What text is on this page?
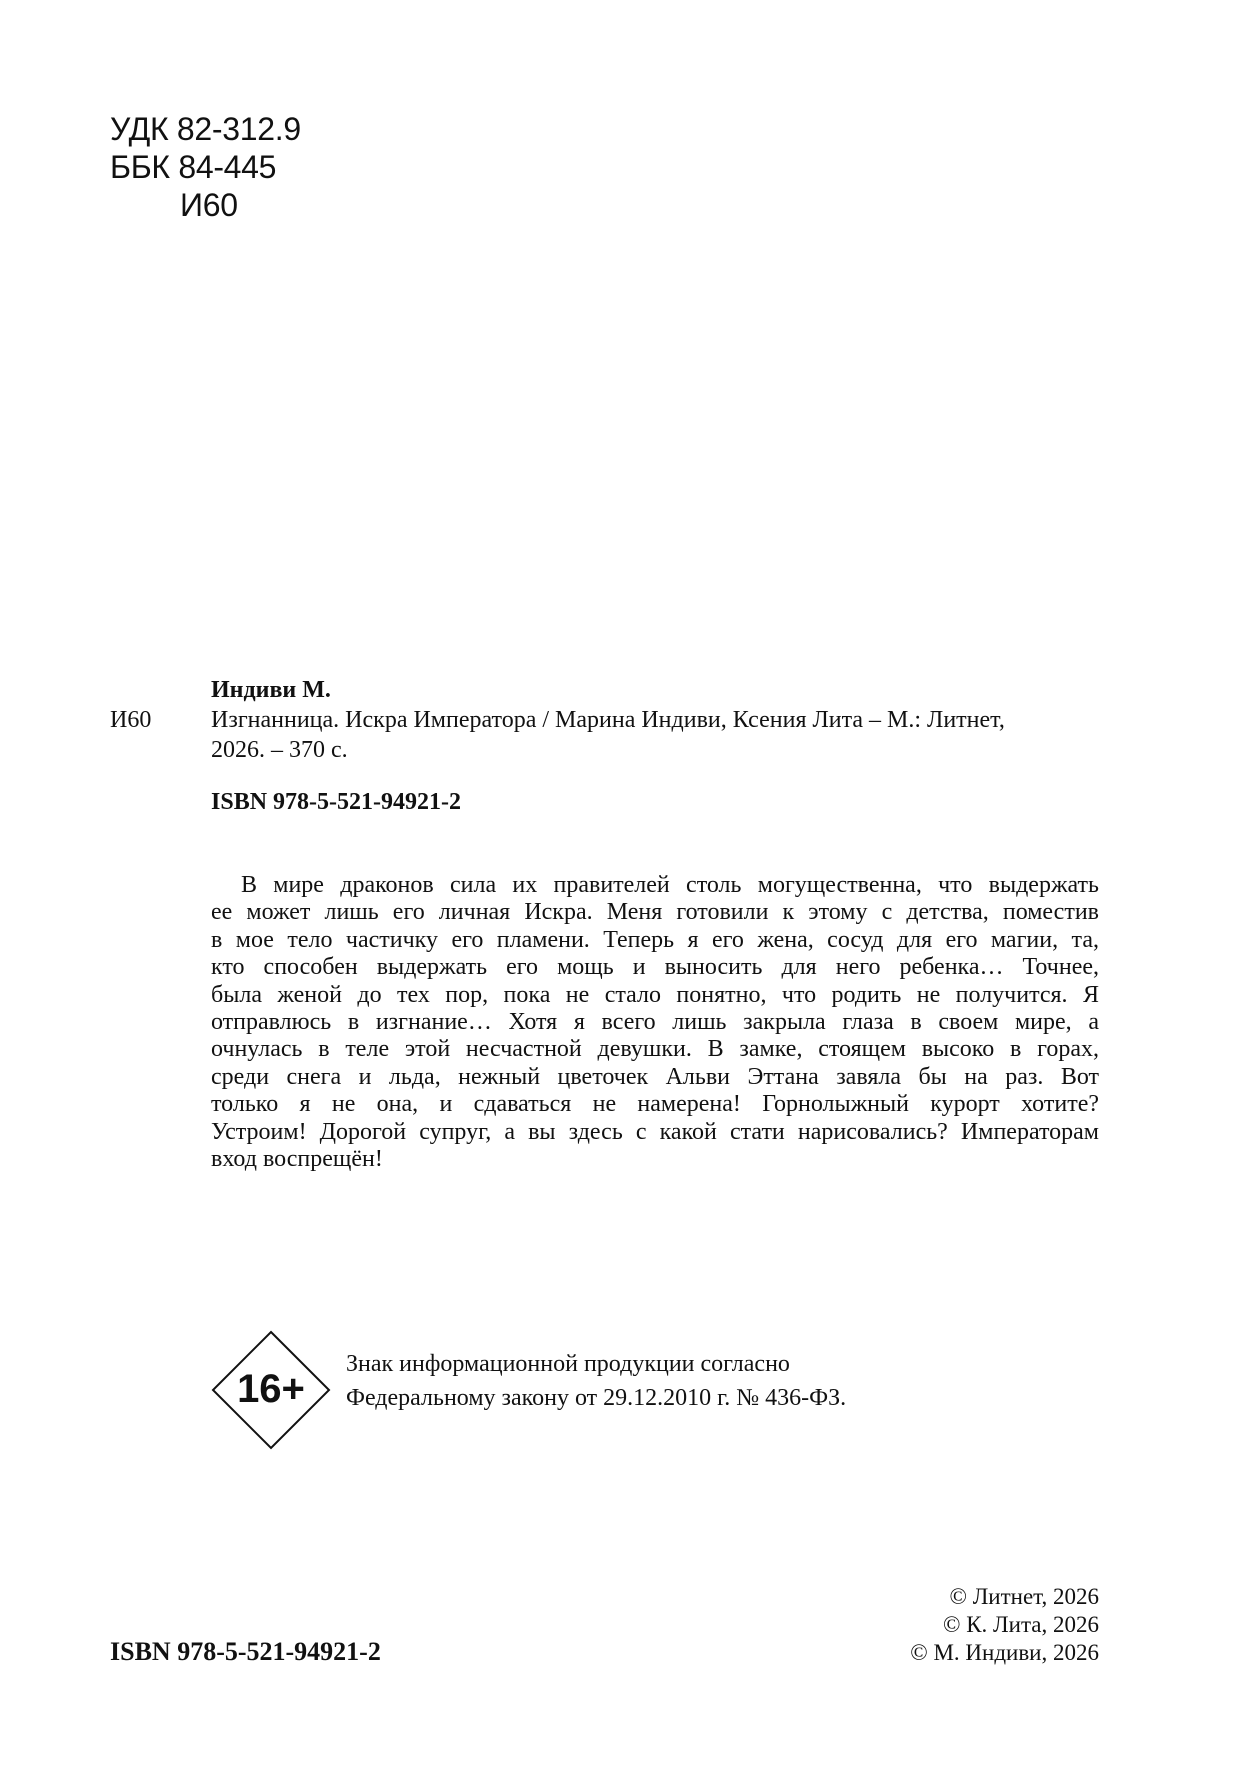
УДК 82-312.9
ББК 84-445
И60
Индиви М.
И60 Изгнанница. Искра Императора / Марина Индиви, Ксения Лита – М.: Литнет,
2026. – 370 с.
ISBN 978-5-521-94921-2
В мире драконов сила их правителей столь могущественна, что выдержать
ее может лишь его личная Искра. Меня готовили к этому с детства, поместив
в мое тело частичку его пламени. Теперь я его жена, сосуд для его магии, та,
кто способен выдержать его мощь и выносить для него ребенка… Точнее,
была женой до тех пор, пока не стало понятно, что родить не получится. Я
отправлюсь в изгнание… Хотя я всего лишь закрыла глаза в своем мире, а
очнулась в теле этой несчастной девушки. В замке, стоящем высоко в горах,
среди снега и льда, нежный цветочек Альви Эттана завяла бы на раз. Вот
только я не она, и сдаваться не намерена! Горнолыжный курорт хотите?
Устроим! Дорогой супруг, а вы здесь с какой стати нарисовались? Императорам
вход воспрещён!
16+
Знак информационной продукции согласно
Федеральному закону от 29.12.2010 г. № 436-ФЗ.
ISBN 978-5-521-94921-2
© Литнет, 2026
© К. Лита, 2026
© М. Индиви, 2026
